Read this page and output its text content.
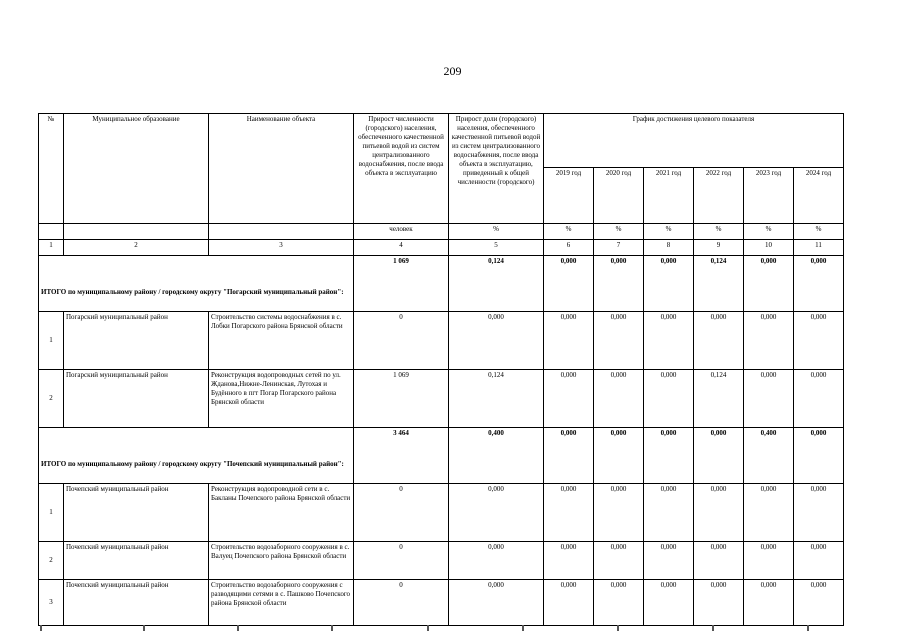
209
№	Муниципальное образование	Наименование объекта	Прирост численности (городского) населения, обеспеченного качественной питьевой водой из систем централизованного водоснабжения, после ввода объекта в эксплуатацию	Прирост доли (городского) населения, обеспеченного качественной питьевой водой из систем централизованного водоснабжения, после ввода объекта в эксплуатацию, приведенный к общей численности (городского)	График достижения целевого показателя					
					2019 год	2020 год	2021 год	2022 год	2023 год	2024 год
			человек	%	%	%	%	%	%	%
1	2	3	4	5	6	7	8	9	10	11
ИТОГО по муниципальному району / городскому округу "Погарский муниципальный район":			1 069	0,124	0,000	0,000	0,000	0,124	0,000	0,000
1	Погарский муниципальный район	Строительство системы водоснабжения в с. Лобки Погарского района Брянской области	0	0,000	0,000	0,000	0,000	0,000	0,000	0,000
2	Погарский муниципальный район	Реконструкция водопроводных сетей по ул. Жданова,Нижне-Ленинская, Лутохая и Будённого в пгт Погар Погарского района Брянской области	1 069	0,124	0,000	0,000	0,000	0,124	0,000	0,000
ИТОГО по муниципальному району / городскому округу "Почепский муниципальный район":			3 464	0,400	0,000	0,000	0,000	0,000	0,400	0,000
1	Почепский муниципальный район	Реконструкция водопроводной сети в с. Бакланы Почепского района Брянской области	0	0,000	0,000	0,000	0,000	0,000	0,000	0,000
2	Почепский муниципальный район	Строительство водозаборного сооружения в с. Валуец Почепского района Брянской области	0	0,000	0,000	0,000	0,000	0,000	0,000	0,000
3	Почепский муниципальный район	Строительство водозаборного сооружения с разводящими сетями в с. Пашково Почепского района Брянской области	0	0,000	0,000	0,000	0,000	0,000	0,000	0,000
